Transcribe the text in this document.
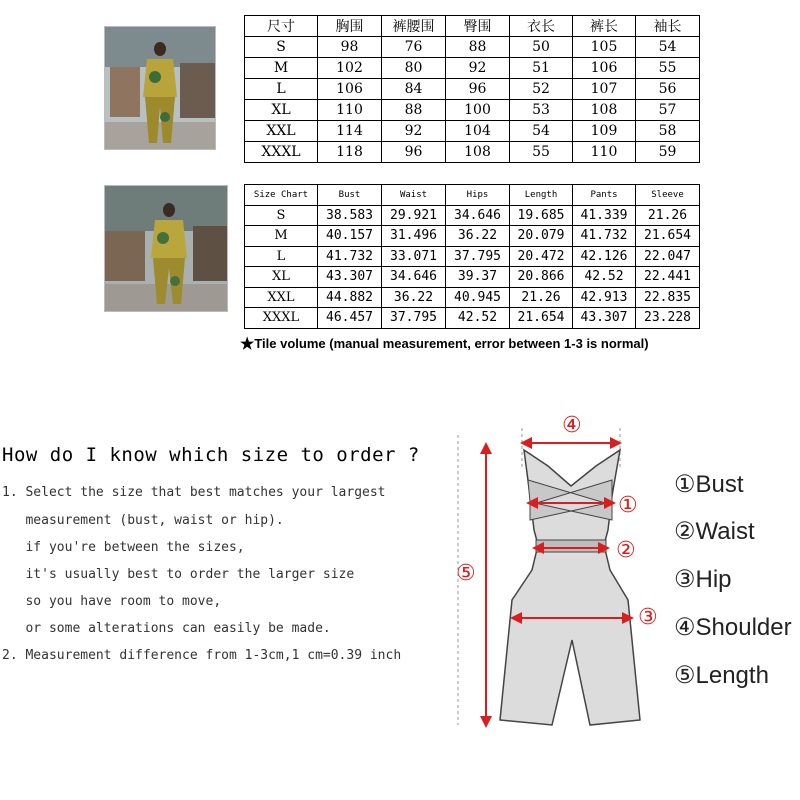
尺寸	胸围	裤腰围	臀围	衣长	裤长	袖长
S	98	76	88	50	105	54
M	102	80	92	51	106	55
L	106	84	96	52	107	56
XL	110	88	100	53	108	57
XXL	114	92	104	54	109	58
XXXL	118	96	108	55	110	59
Size Chart	Bust	Waist	Hips	Length	Pants	Sleeve
S	38.583	29.921	34.646	19.685	41.339	21.26
M	40.157	31.496	36.22	20.079	41.732	21.654
L	41.732	33.071	37.795	20.472	42.126	22.047
XL	43.307	34.646	39.37	20.866	42.52	22.441
XXL	44.882	36.22	40.945	21.26	42.913	22.835
XXXL	46.457	37.795	42.52	21.654	43.307	23.228
★Tile volume (manual measurement, error between 1-3 is normal)
How do I know which size to order ?
1. Select the size that best matches your largest
measurement (bust, waist or hip).
if you're between the sizes,
it's usually best to order the larger size
so you have room to move,
or some alterations can easily be made.
2. Measurement difference from 1-3cm,1 cm=0.39 inch
④
①
②
③
⑤
①Bust
②Waist
③Hip
④Shoulder
⑤Length
